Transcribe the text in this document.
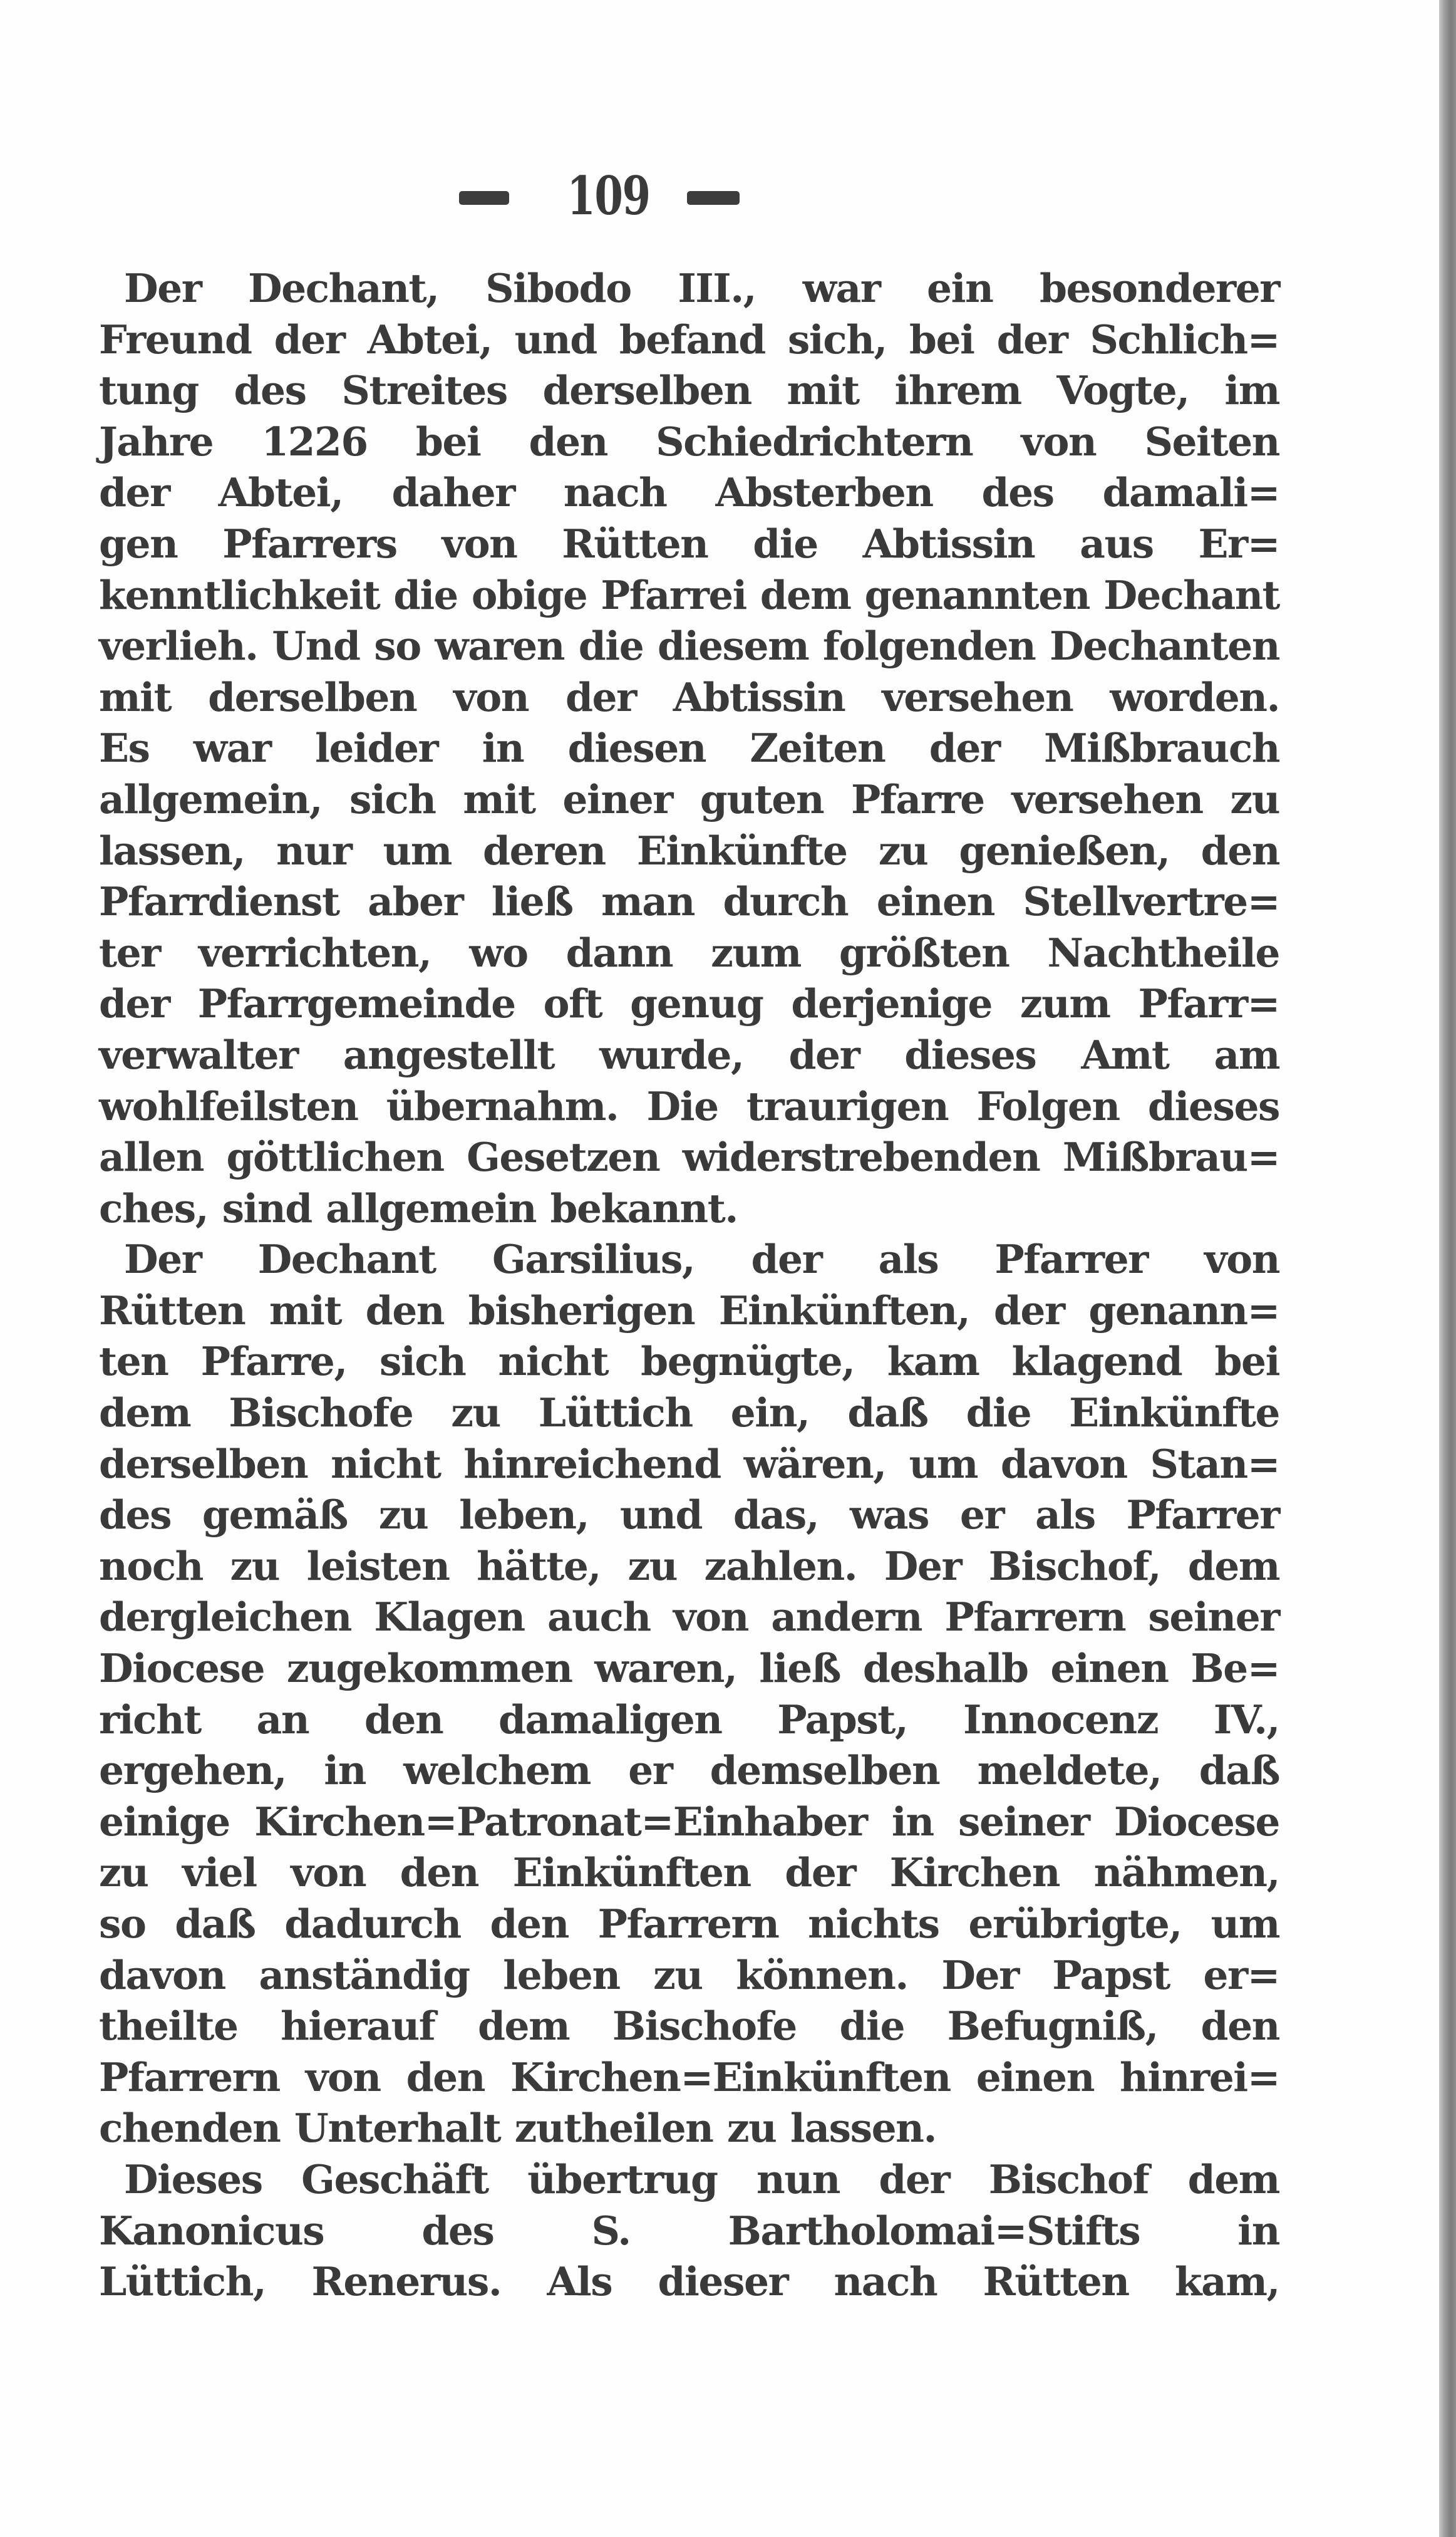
109
Der Dechant, Sibodo III., war ein besonderer
Freund der Abtei, und befand sich, bei der Schlich=
tung des Streites derselben mit ihrem Vogte, im
Jahre 1226 bei den Schiedrichtern von Seiten
der Abtei, daher nach Absterben des damali=
gen Pfarrers von Rütten die Abtissin aus Er=
kenntlichkeit die obige Pfarrei dem genannten Dechant
verlieh. Und so waren die diesem folgenden Dechanten
mit derselben von der Abtissin versehen worden.
Es war leider in diesen Zeiten der Mißbrauch
allgemein, sich mit einer guten Pfarre versehen zu
lassen, nur um deren Einkünfte zu genießen, den
Pfarrdienst aber ließ man durch einen Stellvertre=
ter verrichten, wo dann zum größten Nachtheile
der Pfarrgemeinde oft genug derjenige zum Pfarr=
verwalter angestellt wurde, der dieses Amt am
wohlfeilsten übernahm. Die traurigen Folgen dieses
allen göttlichen Gesetzen widerstrebenden Mißbrau=
ches, sind allgemein bekannt.
Der Dechant Garsilius, der als Pfarrer von
Rütten mit den bisherigen Einkünften, der genann=
ten Pfarre, sich nicht begnügte, kam klagend bei
dem Bischofe zu Lüttich ein, daß die Einkünfte
derselben nicht hinreichend wären, um davon Stan=
des gemäß zu leben, und das, was er als Pfarrer
noch zu leisten hätte, zu zahlen. Der Bischof, dem
dergleichen Klagen auch von andern Pfarrern seiner
Diocese zugekommen waren, ließ deshalb einen Be=
richt an den damaligen Papst, Innocenz IV.,
ergehen, in welchem er demselben meldete, daß
einige Kirchen=Patronat=Einhaber in seiner Diocese
zu viel von den Einkünften der Kirchen nähmen,
so daß dadurch den Pfarrern nichts erübrigte, um
davon anständig leben zu können. Der Papst er=
theilte hierauf dem Bischofe die Befugniß, den
Pfarrern von den Kirchen=Einkünften einen hinrei=
chenden Unterhalt zutheilen zu lassen.
Dieses Geschäft übertrug nun der Bischof dem
Kanonicus des S. Bartholomai=Stifts in
Lüttich, Renerus. Als dieser nach Rütten kam,
